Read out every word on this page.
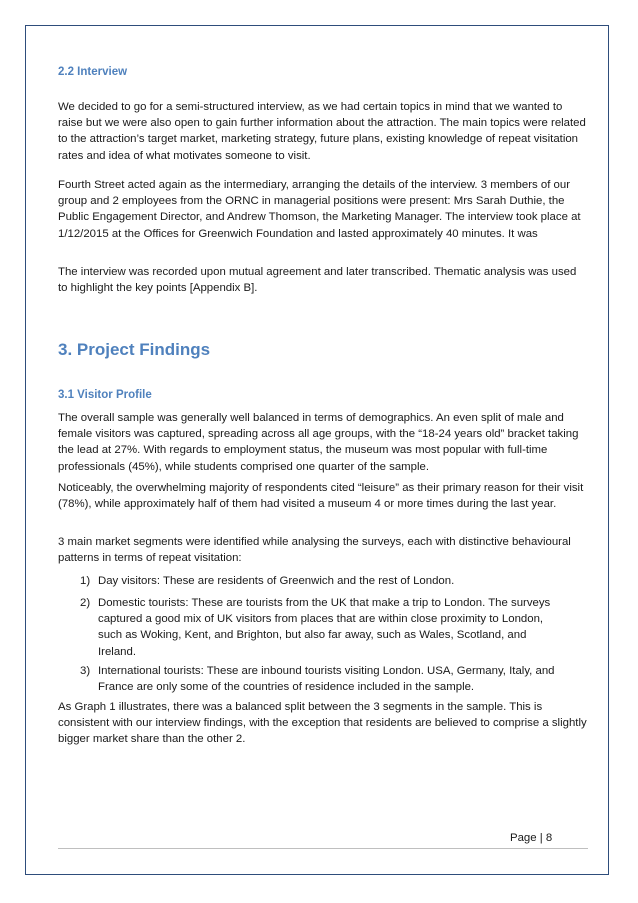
2.2 Interview

We decided to go for a semi-structured interview, as we had certain topics in mind that we wanted to raise but we were also open to gain further information about the attraction. The main topics were related to the attraction’s target market, marketing strategy, future plans, existing knowledge of repeat visitation rates and idea of what motivates someone to visit.

Fourth Street acted again as the intermediary, arranging the details of the interview. 3 members of our group and 2 employees from the ORNC in managerial positions were present: Mrs Sarah Duthie, the Public Engagement Director, and Andrew Thomson, the Marketing Manager. The interview took place at 1/12/2015 at the Offices for Greenwich Foundation and lasted approximately 40 minutes. It was

The interview was recorded upon mutual agreement and later transcribed. Thematic analysis was used to highlight the key points [Appendix B].

3. Project Findings
3.1 Visitor Profile

The overall sample was generally well balanced in terms of demographics. An even split of male and female visitors was captured, spreading across all age groups, with the “18-24 years old” bracket taking the lead at 27%. With regards to employment status, the museum was most popular with full-time professionals (45%), while students comprised one quarter of the sample.

Noticeably, the overwhelming majority of respondents cited “leisure” as their primary reason for their visit (78%), while approximately half of them had visited a museum 4 or more times during the last year.

3 main market segments were identified while analysing the surveys, each with distinctive behavioural patterns in terms of repeat visitation:

1) Day visitors: These are residents of Greenwich and the rest of London.
2) Domestic tourists: These are tourists from the UK that make a trip to London. The surveys captured a good mix of UK visitors from places that are within close proximity to London, such as Woking, Kent, and Brighton, but also far away, such as Wales, Scotland, and Ireland.
3) International tourists: These are inbound tourists visiting London. USA, Germany, Italy, and France are only some of the countries of residence included in the sample.

As Graph 1 illustrates, there was a balanced split between the 3 segments in the sample. This is consistent with our interview findings, with the exception that residents are believed to comprise a slightly bigger market share than the other 2.

Page | 8
